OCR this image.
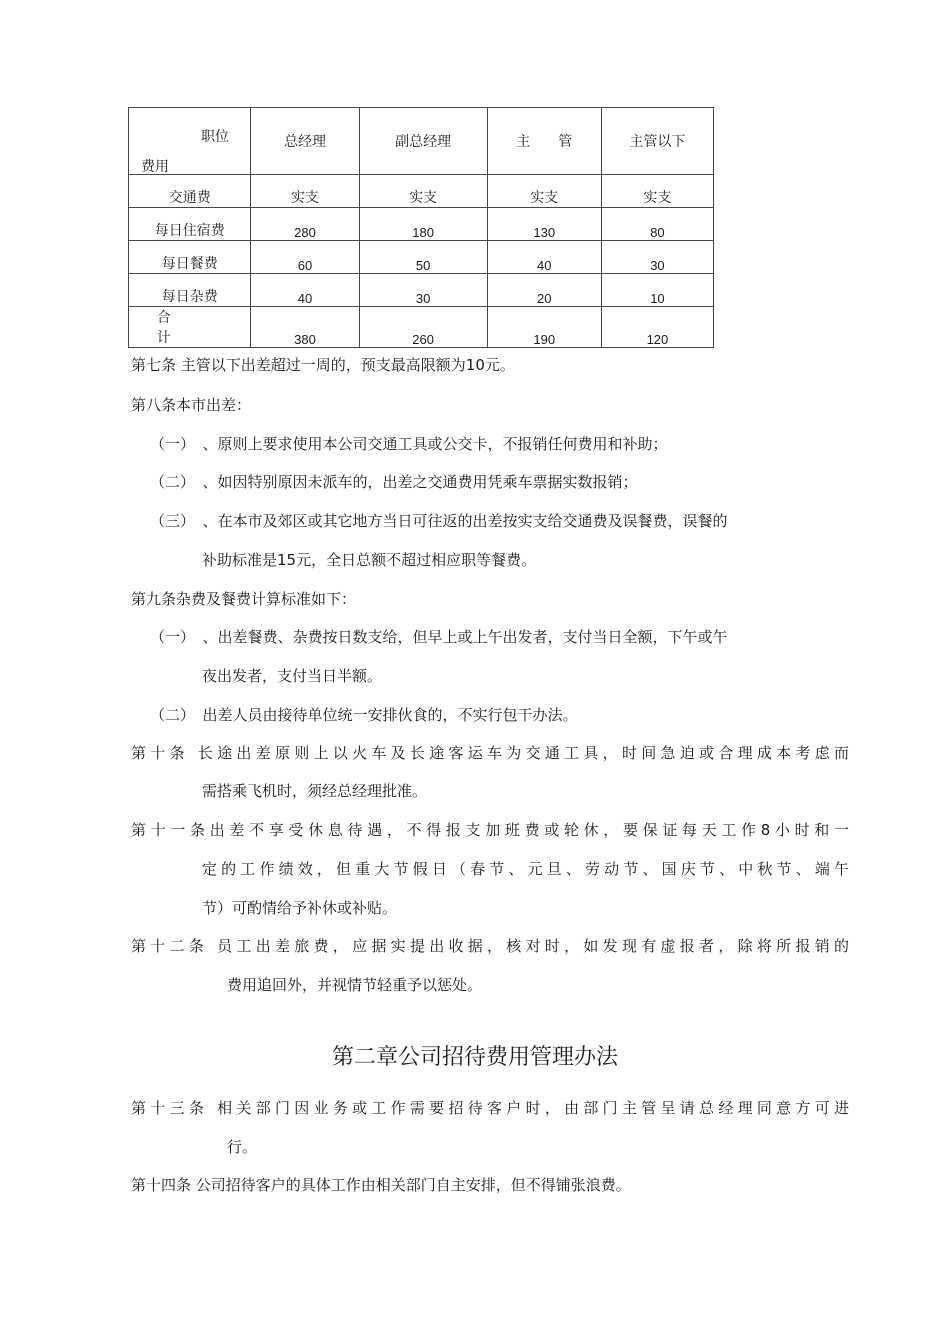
职位
费用	总经理	副总经理	主　　管	主管以下
交通费	实支	实支	实支	实支
每日住宿费	280	180	130	80
每日餐费	60	50	40	30
每日杂费	40	30	20	10
合计	380	260	190	120
第七条 主管以下出差超过一周的，预支最高限额为10元。
第八条本市出差：
（一）　、原则上要求使用本公司交通工具或公交卡，不报销任何费用和补助；
（二）　、如因特别原因未派车的，出差之交通费用凭乘车票据实数报销；
（三）　、在本市及郊区或其它地方当日可往返的出差按实支给交通费及误餐费，误餐的
补助标准是15元，全日总额不超过相应职等餐费。
第九条杂费及餐费计算标准如下：
（一）　、出差餐费、杂费按日数支给，但早上或上午出发者，支付当日全额，下午或午
夜出发者，支付当日半额。
（二）　出差人员由接待单位统一安排伙食的，不实行包干办法。
第十条 长途出差原则上以火车及长途客运车为交通工具，时间急迫或合理成本考虑而
需搭乘飞机时，须经总经理批准。
第十一条出差不享受休息待遇，不得报支加班费或轮休，要保证每天工作8小时和一
定的工作绩效，但重大节假日（春节、元旦、劳动节、国庆节、中秋节、端午
节）可酌情给予补休或补贴。
第十二条 员工出差旅费，应据实提出收据，核对时，如发现有虚报者，除将所报销的
费用追回外，并视情节轻重予以惩处。
第二章公司招待费用管理办法
第十三条 相关部门因业务或工作需要招待客户时，由部门主管呈请总经理同意方可进
行。
第十四条 公司招待客户的具体工作由相关部门自主安排，但不得铺张浪费。
